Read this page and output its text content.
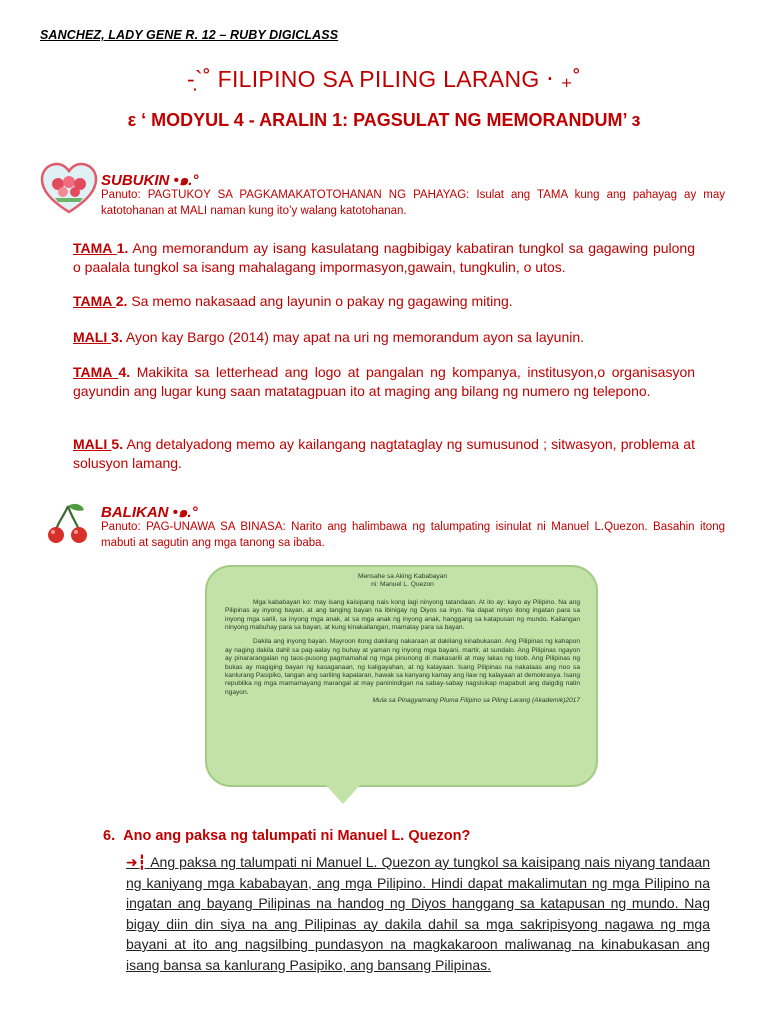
SANCHEZ, LADY GENE R. 12 – RUBY DIGICLASS
-`̣˚ FILIPINO SA PILING LARANG ‧ ₊˚
ε ‘ MODYUL 4 - ARALIN 1: PAGSULAT NG MEMORANDUM’ з
SUBUKIN •๑.°
Panuto: PAGTUKOY SA PAGKAMAKATOTOHANAN NG PAHAYAG: Isulat ang TAMA kung ang pahayag ay may katotohanan at MALI naman kung ito’y walang katotohanan.
TAMA 1. Ang memorandum ay isang kasulatang nagbibigay kabatiran tungkol sa gagawing pulong o paalala tungkol sa isang mahalagang impormasyon,gawain, tungkulin, o utos.
TAMA 2. Sa memo nakasaad ang layunin o pakay ng gagawing miting.
MALI 3. Ayon kay Bargo (2014) may apat na uri ng memorandum ayon sa layunin.
TAMA 4. Makikita sa letterhead ang logo at pangalan ng kompanya, institusyon,o organisasyon gayundin ang lugar kung saan matatagpuan ito at maging ang bilang ng numero ng telepono.
MALI 5. Ang detalyadong memo ay kailangang nagtataglay ng sumusunod ; sitwasyon, problema at solusyon lamang.
BALIKAN •๑.°
Panuto: PAG-UNAWA SA BINASA: Narito ang halimbawa ng talumpating isinulat ni Manuel L.Quezon. Basahin itong mabuti at sagutin ang mga tanong sa ibaba.

Mensahe sa Aking Kababayan

ni: Manuel L. Quezon

Mga kababayan ko: may isang kaisipang nais kong lagi ninyong tatandaan. At ito ay: kayo ay Pilipino. Na ang Pilipinas ay inyong bayan, at ang tanging bayan na ibinigay ng Diyos sa inyo. Na dapat ninyo itong ingatan para sa inyong mga sarili, sa inyong mga anak, at sa mga anak ng inyong anak, hanggang sa katapusan ng mundo. Kailangan ninyong mabuhay para sa bayan, at kung kinakailangan, mamatay para sa bayan.

Dakila ang inyong bayan. Mayroon itong dakilang nakaraan at dakilang kinabukasan. Ang Pilipinas ng kahapon ay naging dakila dahil sa pag-aalay ng buhay at yaman ng inyong mga bayani, martir, at sundalo. Ang Pilipinas ngayon ay pinararangalan ng taos-pusong pagmamahal ng mga pinunong di makasarili at may lakas ng loob. Ang Pilipinas ng bukas ay magiging bayan ng kasaganaan, ng kaligayahan, at ng kalayaan. Isang Pilipinas na nakataas ang noo sa kanlurang Pasipiko, tangan ang sariling kapalaran, hawak sa kanyang kamay ang ilaw ng kalayaan at demokrasya. Isang republika ng mga mamamayang marangal at may paninindigan na sabay-sabay nagsisikap mapabuti ang daigdig natin ngayon.

Mula sa Pinagyamang Pluma Filipino sa Piling Larang (Akademik)2017

6. Ano ang paksa ng talumpati ni Manuel L. Quezon?
➜┇ Ang paksa ng talumpati ni Manuel L. Quezon ay tungkol sa kaisipang nais niyang tandaan ng kaniyang mga kababayan, ang mga Pilipino. Hindi dapat makalimutan ng mga Pilipino na ingatan ang bayang Pilipinas na handog ng Diyos hanggang sa katapusan ng mundo. Nag bigay diin din siya na ang Pilipinas ay dakila dahil sa mga sakripisyong nagawa ng mga bayani at ito ang nagsilbing pundasyon na magkakaroon maliwanag na kinabukasan ang isang bansa sa kanlurang Pasipiko, ang bansang Pilipinas.
